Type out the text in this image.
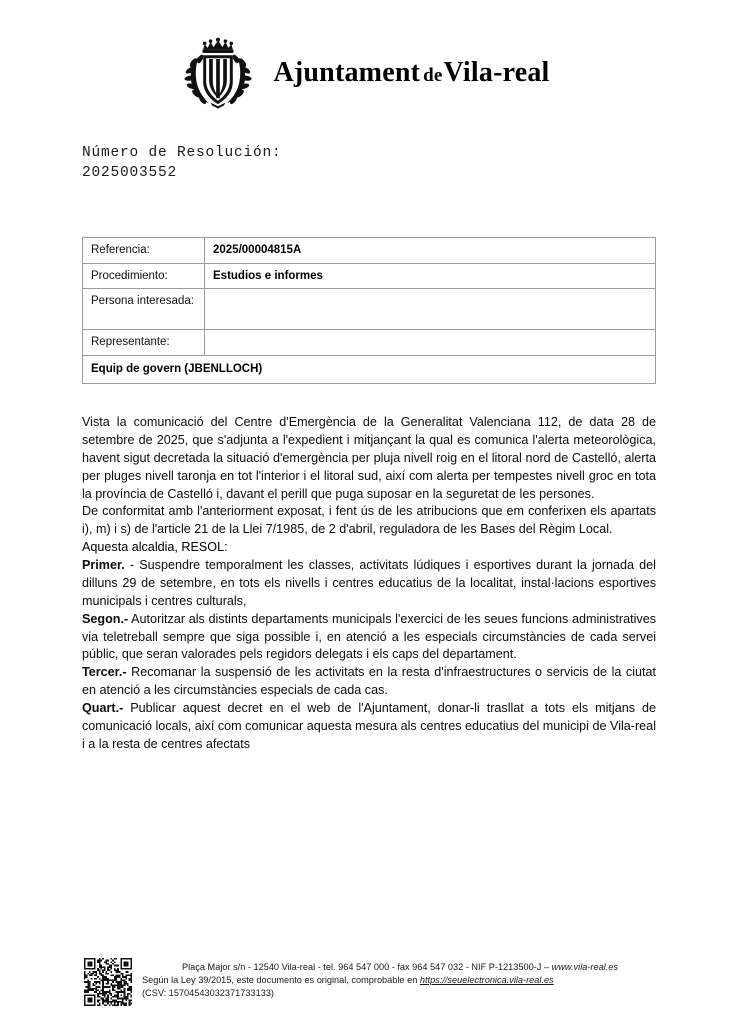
Ajuntament deVila-real
Número de Resolución:
2025003552
Referencia:	2025/00004815A
Procedimiento:	Estudios e informes
Persona interesada:	
Representante:	
Equip de govern (JBENLLOCH)	

Vista la comunicació del Centre d'Emergència de la Generalitat Valenciana 112, de data 28 de setembre de 2025, que s'adjunta a l'expedient i mitjançant la qual es comunica l'alerta meteorològica, havent sigut decretada la situació d'emergència per pluja nivell roig en el litoral nord de Castelló, alerta per pluges nivell taronja en tot l'interior i el litoral sud, així com alerta per tempestes nivell groc en tota la província de Castelló i, davant el perill que puga suposar en la seguretat de les persones.

De conformitat amb l'anteriorment exposat, i fent ús de les atribucions que em conferixen els apartats i), m) i s) de l'article 21 de la Llei 7/1985, de 2 d'abril, reguladora de les Bases del Règim Local.

Aquesta alcaldia, RESOL:

Primer. - Suspendre temporalment les classes, activitats lúdiques i esportives durant la jornada del dilluns 29 de setembre, en tots els nivells i centres educatius de la localitat, instal·lacions esportives municipals i centres culturals,

Segon.- Autoritzar als distints departaments municipals l'exercici de les seues funcions administratives via teletreball sempre que siga possible i, en atenció a les especials circumstàncies de cada servei públic, que seran valorades pels regidors delegats i els caps del departament.

Tercer.- Recomanar la suspensió de les activitats en la resta d'infraestructures o servicis de la ciutat en atenció a les circumstàncies especials de cada cas.

Quart.- Publicar aquest decret en el web de l'Ajuntament, donar-li trasllat a tots els mitjans de comunicació locals, així com comunicar aquesta mesura als centres educatius del municipi de Vila-real i a la resta de centres afectats

Plaça Major s/n - 12540 Vila-real - tel. 964 547 000 - fax 964 547 032 - NIF P-1213500-J – www.vila-real.es
Según la Ley 39/2015, este documento es original, comprobable en https://seuelectronica.vila-real.es
(CSV: 15704543032371733133)
